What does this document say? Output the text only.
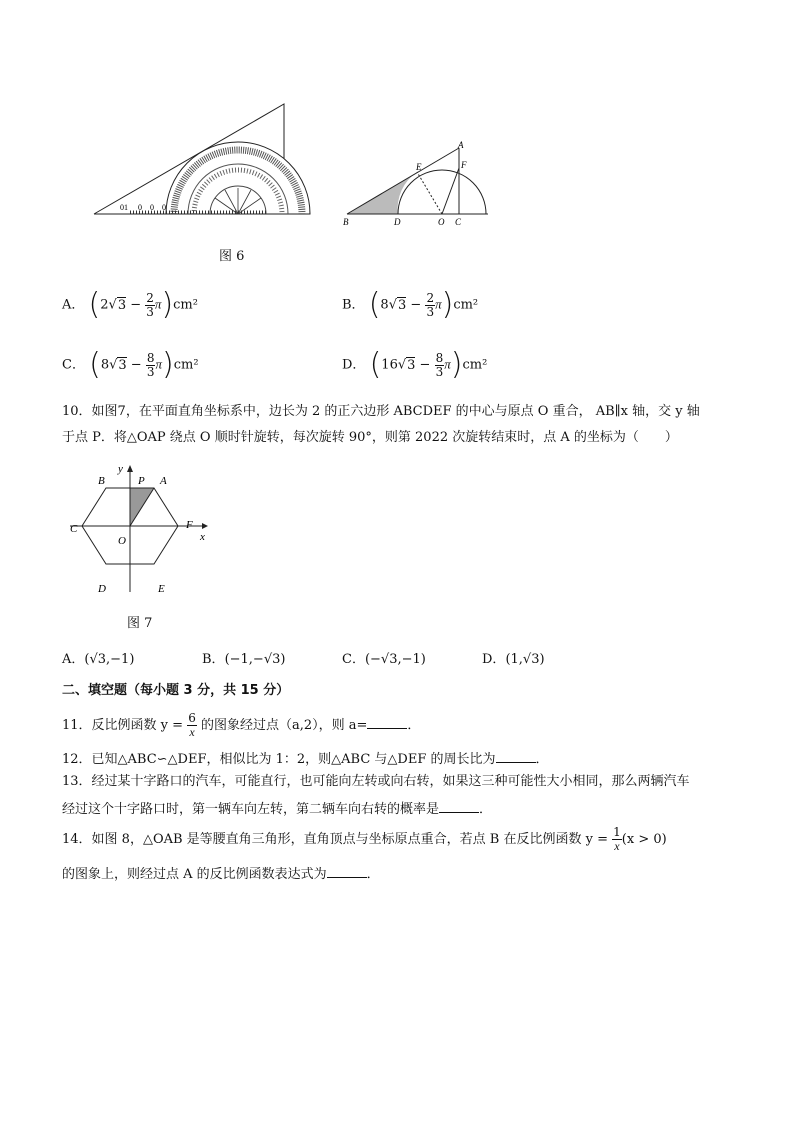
01 0 0 0
A
F
E
B	D	O C
图 6
A． $(2√3 - \frac{2}{3} \pi)cm^2$	B． $(8√3 - \frac{2}{3} \pi)cm^2$
C． $(8√3 - \frac{8}{3} \pi)cm^2$	D． $(16√3 - \frac{8}{3} \pi)cm^2$
10．如图7，在平面直角坐标系中，边长为 2 的正六边形 ABCDEF 的中心与原点 O 重合， AB∥x 轴，交 y 轴
于点 P．将△OAP 绕点 O 顺时针旋转，每次旋转 90°，则第 2022 次旋转结束时，点 A 的坐标为（　　）
y
x
P A
B
C	F
O
D	E
图 7
A．(√3,−1)	B．(−1,−√3)	C．(−√3,−1)	D．(1,√3)
二、填空题（每小题 3 分，共 15 分）
11．反比例函数 $y = \frac{6}{x}$ 的图象经过点（a,2），则 a=	．
12．已知△ABC∽△DEF，相似比为 1：2，则△ABC 与△DEF 的周长比为	．
13．经过某十字路口的汽车，可能直行，也可能向左转或向右转，如果这三种可能性大小相同，那么两辆汽车
经过这个十字路口时，第一辆车向左转，第二辆车向右转的概率是	．
14．如图 8，△OAB 是等腰直角三角形，直角顶点与坐标原点重合，若点 B 在反比例函数 $y = \frac{1}{x} (x > 0)$
的图象上，则经过点 A 的反比例函数表达式为	．
